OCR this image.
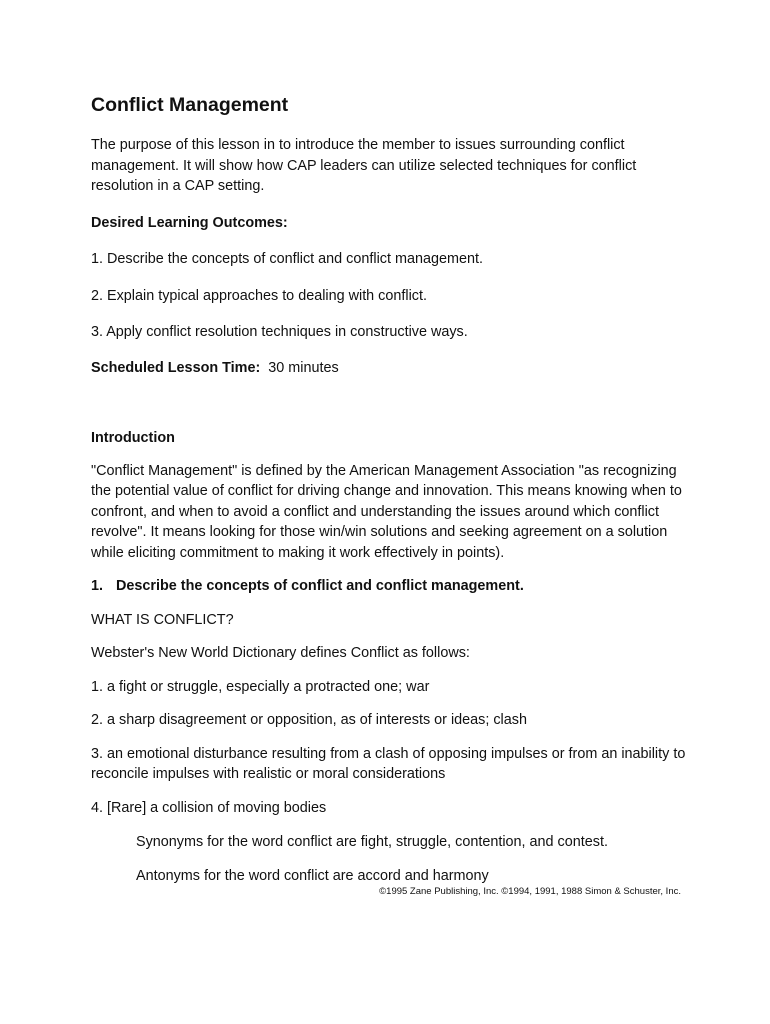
Conflict Management

The purpose of this lesson in to introduce the member to issues surrounding conflict management. It will show how CAP leaders can utilize selected techniques for conflict resolution in a CAP setting.

Desired Learning Outcomes:

1. Describe the concepts of conflict and conflict management.

2. Explain typical approaches to dealing with conflict.

3. Apply conflict resolution techniques in constructive ways.

Scheduled Lesson Time: 30 minutes

Introduction

"Conflict Management" is defined by the American Management Association "as recognizing the potential value of conflict for driving change and innovation. This means knowing when to confront, and when to avoid a conflict and understanding the issues around which conflict revolve". It means looking for those win/win solutions and seeking agreement on a solution while eliciting commitment to making it work effectively in points).

1. Describe the concepts of conflict and conflict management.

WHAT IS CONFLICT?

Webster's New World Dictionary defines Conflict as follows:

1. a fight or struggle, especially a protracted one; war

2. a sharp disagreement or opposition, as of interests or ideas; clash

3. an emotional disturbance resulting from a clash of opposing impulses or from an inability to reconcile impulses with realistic or moral considerations

4. [Rare] a collision of moving bodies

Synonyms for the word conflict are fight, struggle, contention, and contest.

Antonyms for the word conflict are accord and harmony

©1995 Zane Publishing, Inc. ©1994, 1991, 1988 Simon & Schuster, Inc.
